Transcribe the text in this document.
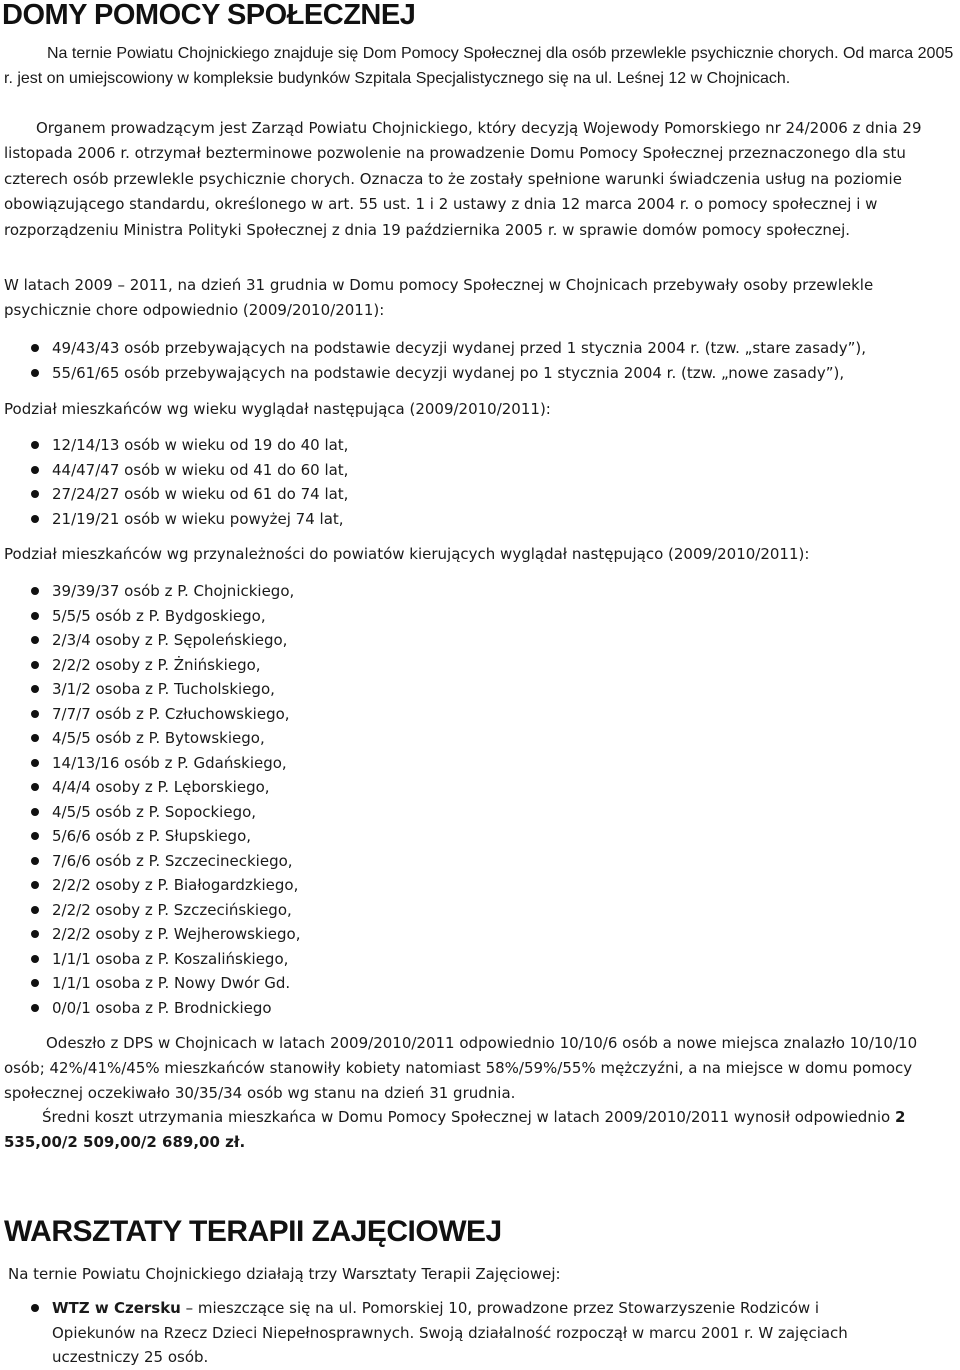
DOMY POMOCY SPOŁECZNEJ

Na ternie Powiatu Chojnickiego znajduje się Dom Pomocy Społecznej dla osób przewlekle psychicznie chorych. Od marca 2005 r. jest on umiejscowiony w kompleksie budynków Szpitala Specjalistycznego się na ul. Leśnej 12 w Chojnicach.

Organem prowadzącym jest Zarząd Powiatu Chojnickiego, który decyzją Wojewody Pomorskiego nr 24/2006 z dnia 29 listopada 2006 r. otrzymał bezterminowe pozwolenie na prowadzenie Domu Pomocy Społecznej przeznaczonego dla stu czterech osób przewlekle psychicznie chorych. Oznacza to że zostały spełnione warunki świadczenia usług na poziomie obowiązującego standardu, określonego w art. 55 ust. 1 i 2 ustawy z dnia 12 marca 2004 r. o pomocy społecznej i w rozporządzeniu Ministra Polityki Społecznej z dnia 19 października 2005 r. w sprawie domów pomocy społecznej.

W latach 2009 – 2011, na dzień 31 grudnia w Domu pomocy Społecznej w Chojnicach przebywały osoby przewlekle psychicznie chore odpowiednio (2009/2010/2011):

49/43/43 osób przebywających na podstawie decyzji wydanej przed 1 stycznia 2004 r. (tzw. „stare zasady”),
55/61/65 osób przebywających na podstawie decyzji wydanej po 1 stycznia 2004 r. (tzw. „nowe zasady”),

Podział mieszkańców wg wieku wyglądał następująca (2009/2010/2011):

12/14/13 osób w wieku od 19 do 40 lat,
44/47/47 osób w wieku od 41 do 60 lat,
27/24/27 osób w wieku od 61 do 74 lat,
21/19/21 osób w wieku powyżej 74 lat,

Podział mieszkańców wg przynależności do powiatów kierujących wyglądał następująco (2009/2010/2011):

39/39/37 osób z P. Chojnickiego,
5/5/5 osób z P. Bydgoskiego,
2/3/4 osoby z P. Sępoleńskiego,
2/2/2 osoby z P. Żnińskiego,
3/1/2 osoba z P. Tucholskiego,
7/7/7 osób z P. Człuchowskiego,
4/5/5 osób z P. Bytowskiego,
14/13/16 osób z P. Gdańskiego,
4/4/4 osoby z P. Lęborskiego,
4/5/5 osób z P. Sopockiego,
5/6/6 osób z P. Słupskiego,
7/6/6 osób z P. Szczecineckiego,
2/2/2 osoby z P. Białogardzkiego,
2/2/2 osoby z P. Szczecińskiego,
2/2/2 osoby z P. Wejherowskiego,
1/1/1 osoba z P. Koszalińskiego,
1/1/1 osoba z P. Nowy Dwór Gd.
0/0/1 osoba z P. Brodnickiego

Odeszło z DPS w Chojnicach w latach 2009/2010/2011 odpowiednio 10/10/6 osób a nowe miejsca znalazło 10/10/10 osób; 42%/41%/45% mieszkańców stanowiły kobiety natomiast 58%/59%/55% mężczyźni, a na miejsce w domu pomocy społecznej oczekiwało 30/35/34 osób wg stanu na dzień 31 grudnia.

Średni koszt utrzymania mieszkańca w Domu Pomocy Społecznej w latach 2009/2010/2011 wynosił odpowiednio 2 535,00/2 509,00/2 689,00 zł.

WARSZTATY TERAPII ZAJĘCIOWEJ

Na ternie Powiatu Chojnickiego działają trzy Warsztaty Terapii Zajęciowej:

WTZ w Czersku – mieszczące się na ul. Pomorskiej 10, prowadzone przez Stowarzyszenie Rodziców i Opiekunów na Rzecz Dzieci Niepełnosprawnych. Swoją działalność rozpoczął w marcu 2001 r. W zajęciach uczestniczy 25 osób.
